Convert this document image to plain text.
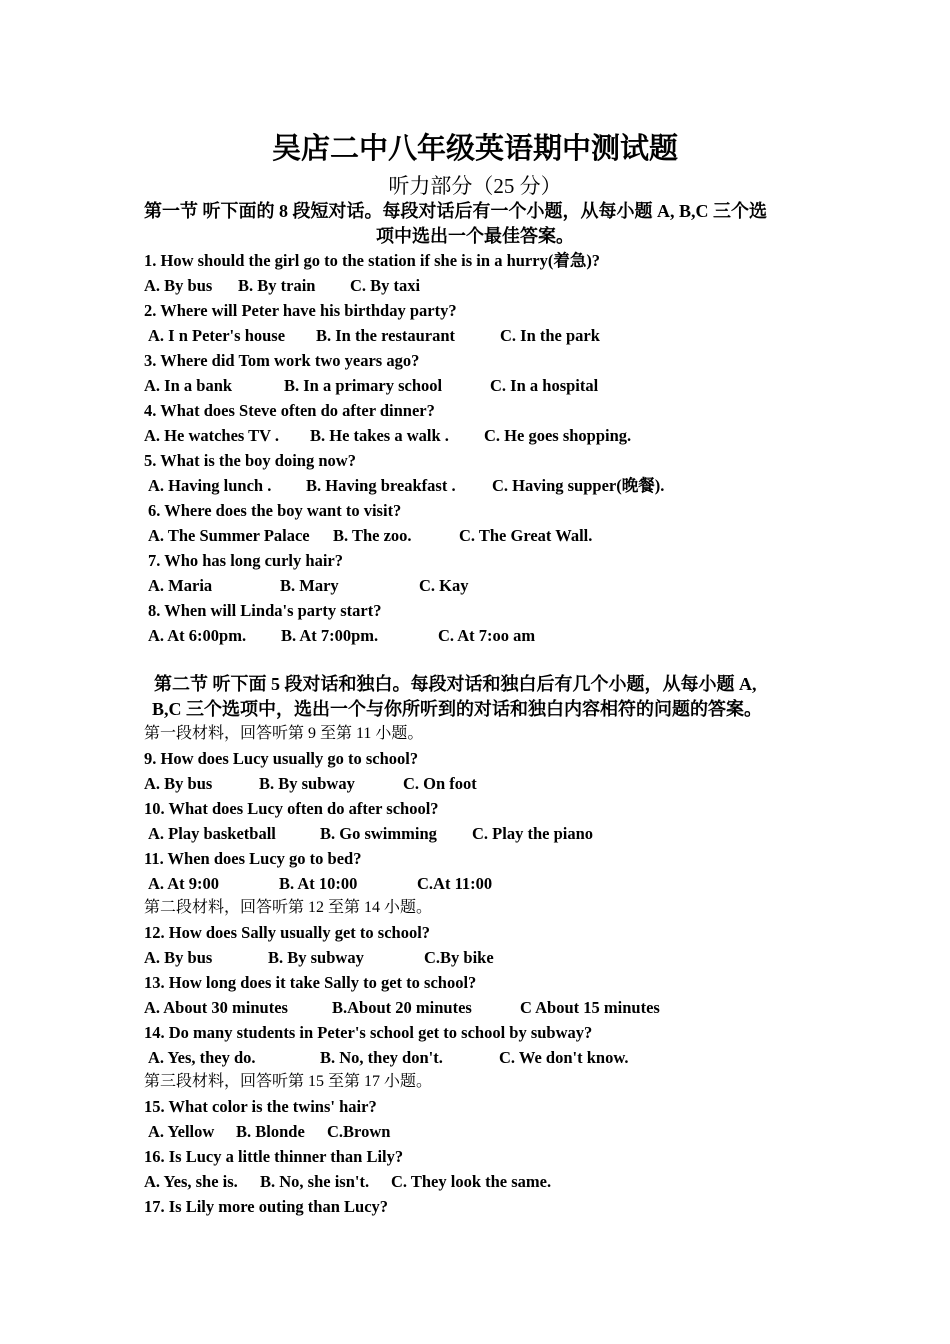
吴店二中八年级英语期中测试题
听力部分（25 分）
第一节 听下面的 8 段短对话。每段对话后有一个小题，从每小题 A, B,C 三个选
项中选出一个最佳答案。
1. How should the girl go to the station if she is in a hurry(着急)?
A. By bus B. By train C. By taxi
2. Where will Peter have his birthday party?
A. I n Peter's house B. In the restaurant	C. In the park
3. Where did Tom work two years ago?
A. In a bank	B. In a primary school	C. In a hospital
4. What does Steve often do after dinner?
A. He watches TV . B. He takes a walk . C. He goes shopping.
5. What is the boy doing now?
A. Having lunch . B. Having breakfast . C. Having supper(晚餐).
6. Where does the boy want to visit?
A. The Summer Palace B. The zoo.	C. The Great Wall.
7. Who has long curly hair?
A. Maria	B. Mary	C. Kay
8. When will Linda's party start?
A. At 6:00pm. B. At 7:00pm.	C. At 7:oo am
第二节 听下面 5 段对话和独白。每段对话和独白后有几个小题，从每小题 A,
B,C 三个选项中，选出一个与你所听到的对话和独白内容相符的问题的答案。
第一段材料，回答听第 9 至第 11 小题。
9. How does Lucy usually go to school?
A. By bus	B. By subway	C. On foot
10. What does Lucy often do after school?
A. Play basketball	B. Go swimming C. Play the piano
11. When does Lucy go to bed?
A. At 9:00	B. At 10:00	C.At 11:00
第二段材料，回答听第 12 至第 14 小题。
12. How does Sally usually get to school?
A. By bus	B. By subway	C.By bike
13. How long does it take Sally to get to school?
A. About 30 minutes	B.About 20 minutes	C About 15 minutes
14. Do many students in Peter's school get to school by subway?
A. Yes, they do.	B. No, they don't.	C. We don't know.
第三段材料，回答听第 15 至第 17 小题。
15. What color is the twins' hair?
A. Yellow B. Blonde C.Brown
16. Is Lucy a little thinner than Lily?
A. Yes, she is. B. No, she isn't. C. They look the same.
17. Is Lily more outing than Lucy?
